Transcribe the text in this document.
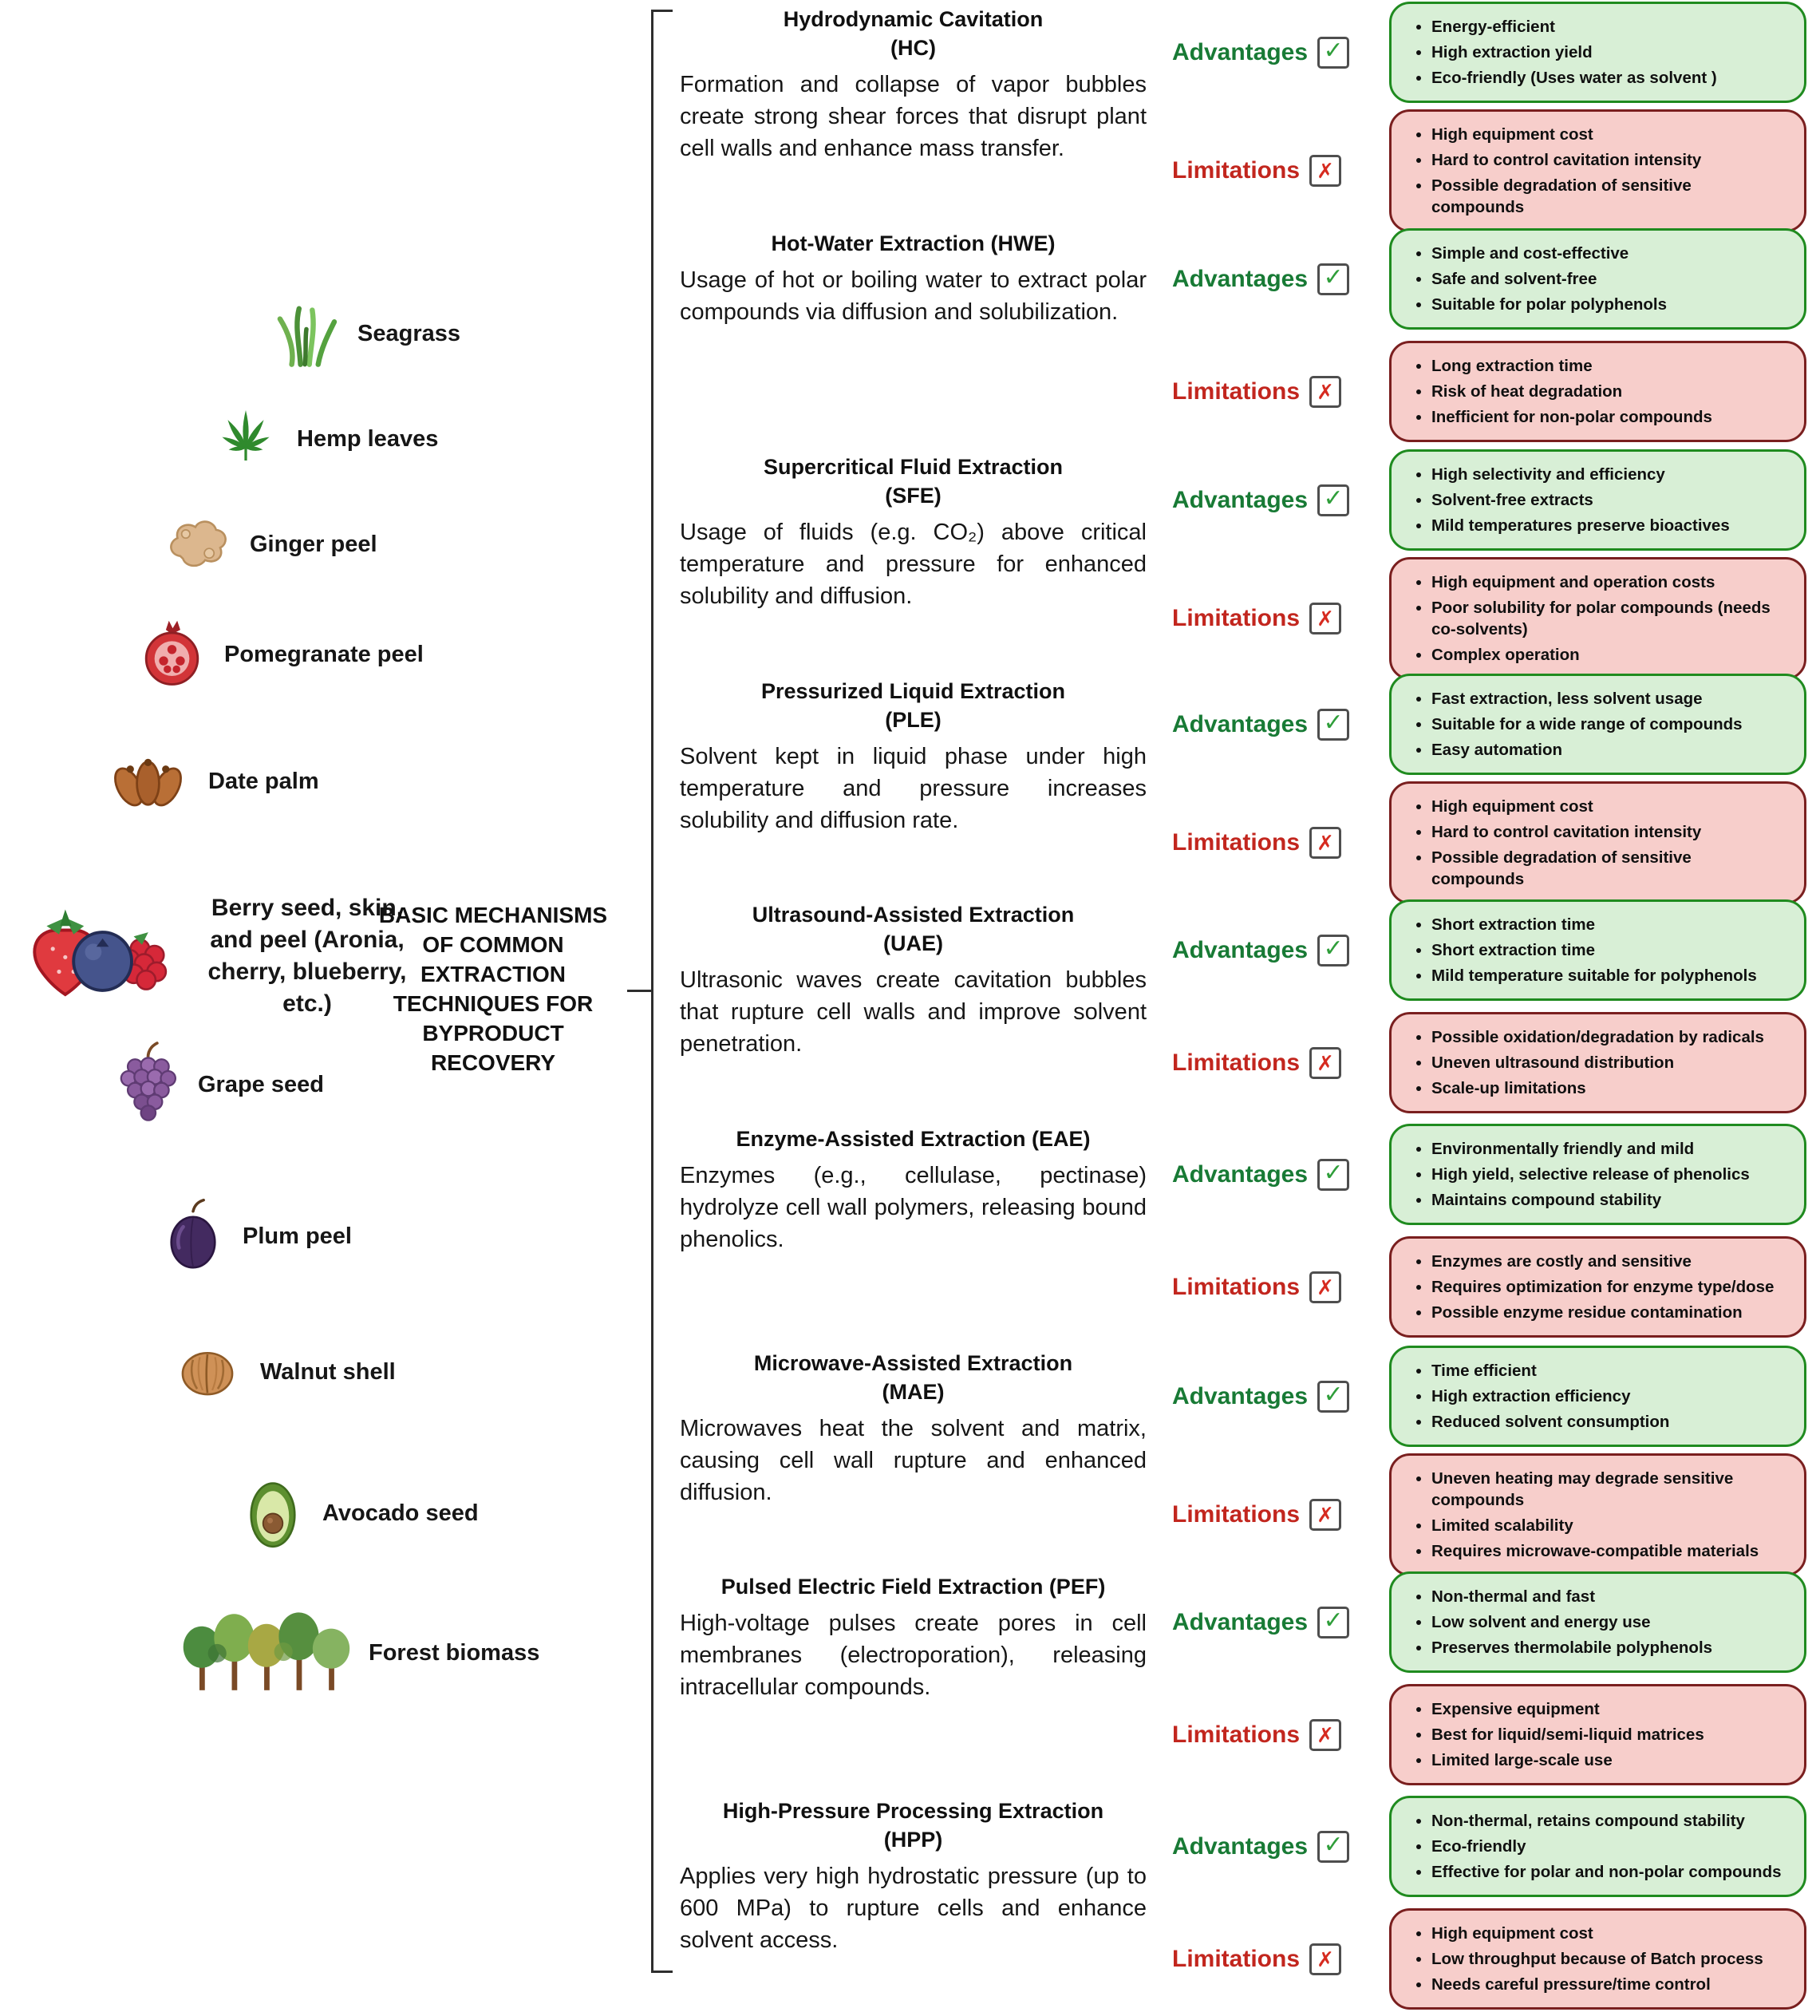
Seagrass
Hemp leaves
Ginger peel
Pomegranate peel
Date palm
Berry seed, skin,
and peel (Aronia,
cherry, blueberry,
etc.)
Grape seed
Plum peel
Walnut shell
Avocado seed
Forest biomass
BASIC MECHANISMS
OF COMMON
EXTRACTION
TECHNIQUES FOR
BYPRODUCT
RECOVERY
Hydrodynamic Cavitation
(HC)

Formation and collapse of vapor bubbles create strong shear forces that disrupt plant cell walls and enhance mass transfer.

Advantages ✓
• Energy-efficient
• High extraction yield
• Eco-friendly (Uses water as solvent )
Limitations ✗
• High equipment cost
• Hard to control cavitation intensity
• Possible degradation of sensitive compounds
Hot-Water Extraction (HWE)

Usage of hot or boiling water to extract polar compounds via diffusion and solubilization.

Advantages ✓
• Simple and cost-effective
• Safe and solvent-free
• Suitable for polar polyphenols
Limitations ✗
• Long extraction time
• Risk of heat degradation
• Inefficient for non-polar compounds
Supercritical Fluid Extraction
(SFE)

Usage of fluids (e.g. CO₂) above critical temperature and pressure for enhanced solubility and diffusion.

Advantages ✓
• High selectivity and efficiency
• Solvent-free extracts
• Mild temperatures preserve bioactives
Limitations ✗
• High equipment and operation costs
• Poor solubility for polar compounds (needs co-solvents)
• Complex operation
Pressurized Liquid Extraction
(PLE)

Solvent kept in liquid phase under high temperature and pressure increases solubility and diffusion rate.

Advantages ✓
• Fast extraction, less solvent usage
• Suitable for a wide range of compounds
• Easy automation
Limitations ✗
• High equipment cost
• Hard to control cavitation intensity
• Possible degradation of sensitive compounds
Ultrasound-Assisted Extraction
(UAE)

Ultrasonic waves create cavitation bubbles that rupture cell walls and improve solvent penetration.

Advantages ✓
• Short extraction time
• Short extraction time
• Mild temperature suitable for polyphenols
Limitations ✗
• Possible oxidation/degradation by radicals
• Uneven ultrasound distribution
• Scale-up limitations
Enzyme-Assisted Extraction (EAE)

Enzymes (e.g., cellulase, pectinase) hydrolyze cell wall polymers, releasing bound phenolics.

Advantages ✓
• Environmentally friendly and mild
• High yield, selective release of phenolics
• Maintains compound stability
Limitations ✗
• Enzymes are costly and sensitive
• Requires optimization for enzyme type/dose
• Possible enzyme residue contamination
Microwave-Assisted Extraction
(MAE)

Microwaves heat the solvent and matrix, causing cell wall rupture and enhanced diffusion.

Advantages ✓
• Time efficient
• High extraction efficiency
• Reduced solvent consumption
Limitations ✗
• Uneven heating may degrade sensitive compounds
• Limited scalability
• Requires microwave-compatible materials
Pulsed Electric Field Extraction (PEF)

High-voltage pulses create pores in cell membranes (electroporation), releasing intracellular compounds.

Advantages ✓
• Non-thermal and fast
• Low solvent and energy use
• Preserves thermolabile polyphenols
Limitations ✗
• Expensive equipment
• Best for liquid/semi-liquid matrices
• Limited large-scale use
High-Pressure Processing Extraction
(HPP)

Applies very high hydrostatic pressure (up to 600 MPa) to rupture cells and enhance solvent access.

Advantages ✓
• Non-thermal, retains compound stability
• Eco-friendly
• Effective for polar and non-polar compounds
Limitations ✗
• High equipment cost
• Low throughput because of Batch process
• Needs careful pressure/time control
